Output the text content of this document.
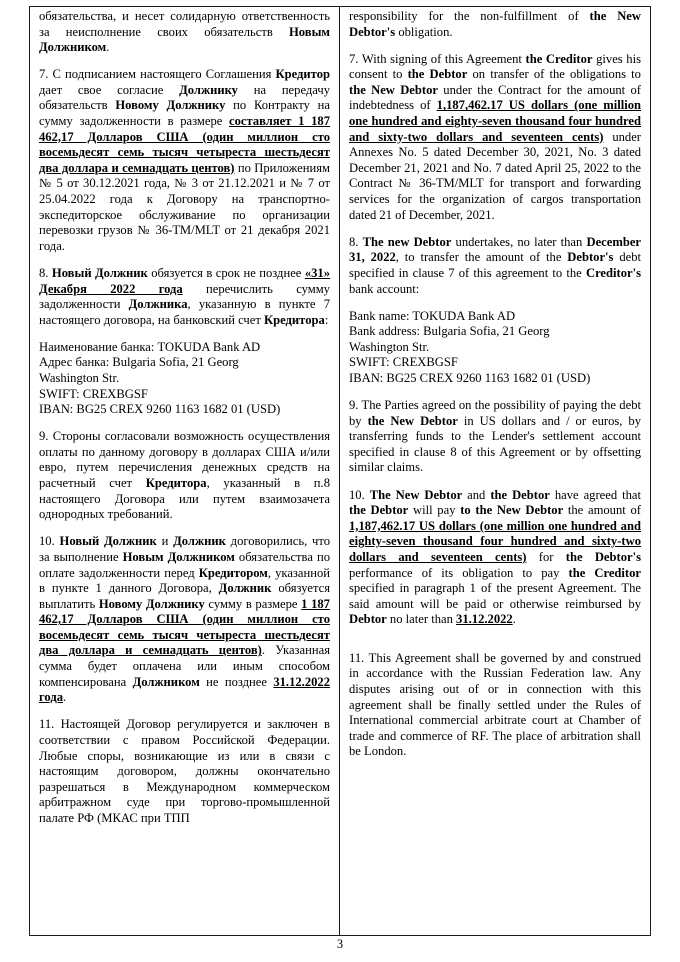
обязательства, и несет солидарную ответственность за неисполнение своих обязательств Новым Должником.

7. С подписанием настоящего Соглашения Кредитор дает свое согласие Должнику на передачу обязательств Новому Должнику по Контракту на сумму задолженности в размере составляет 1 187 462,17 Долларов США (один миллион сто восемьдесят семь тысяч четыреста шестьдесят два доллара и семнадцать центов) по Приложениям № 5 от 30.12.2021 года, № 3 от 21.12.2021 и № 7 от 25.04.2022 года к Договору на транспортно-экспедиторское обслуживание по организации перевозки грузов № 36-ТМ/MLT от 21 декабря 2021 года.

8. Новый Должник обязуется в срок не позднее «31» Декабря 2022 года перечислить сумму задолженности Должника, указанную в пункте 7 настоящего договора, на банковский счет Кредитора:

Наименование банка: TOKUDA Bank AD

Адрес банка: Bulgaria Sofia, 21 Georg

Washington Str.

SWIFT: CREXBGSF

IBAN: BG25 CREX 9260 1163 1682 01 (USD)

9. Стороны согласовали возможность осуществления оплаты по данному договору в долларах США и/или евро, путем перечисления денежных средств на расчетный счет Кредитора, указанный в п.8 настоящего Договора или путем взаимозачета однородных требований.

10. Новый Должник и Должник договорились, что за выполнение Новым Должником обязательства по оплате задолженности перед Кредитором, указанной в пункте 1 данного Договора, Должник обязуется выплатить Новому Должнику сумму в размере 1 187 462,17 Долларов США (один миллион сто восемьдесят семь тысяч четыреста шестьдесят два доллара и семнадцать центов). Указанная сумма будет оплачена или иным способом компенсирована Должником не позднее 31.12.2022 года.

11. Настоящей Договор регулируется и заключен в соответствии с правом Российской Федерации. Любые споры, возникающие из или в связи с настоящим договором, должны окончательно разрешаться в Международном коммерческом арбитражном суде при торгово-промышленной палате РФ (МКАС при ТПП

responsibility for the non-fulfillment of the New Debtor's obligation.

7. With signing of this Agreement the Creditor gives his consent to the Debtor on transfer of the obligations to the New Debtor under the Contract for the amount of indebtedness of 1,187,462.17 US dollars (one million one hundred and eighty-seven thousand four hundred and sixty-two dollars and seventeen cents) under Annexes No. 5 dated December 30, 2021, No. 3 dated December 21, 2021 and No. 7 dated April 25, 2022 to the Contract № 36-ТМ/MLT for transport and forwarding services for the organization of cargos transportation dated 21 of December, 2021.

8. The new Debtor undertakes, no later than December 31, 2022, to transfer the amount of the Debtor's debt specified in clause 7 of this agreement to the Creditor's bank account:

Bank name: TOKUDA Bank AD

Bank address: Bulgaria Sofia, 21 Georg

Washington Str.

SWIFT: CREXBGSF

IBAN: BG25 CREX 9260 1163 1682 01 (USD)

9. The Parties agreed on the possibility of paying the debt by the New Debtor in US dollars and / or euros, by transferring funds to the Lender's settlement account specified in clause 8 of this Agreement or by offsetting similar claims.

10. The New Debtor and the Debtor have agreed that the Debtor will pay to the New Debtor the amount of 1,187,462.17 US dollars (one million one hundred and eighty-seven thousand four hundred and sixty-two dollars and seventeen cents) for the Debtor's performance of its obligation to pay the Creditor specified in paragraph 1 of the present Agreement. The said amount will be paid or otherwise reimbursed by Debtor no later than 31.12.2022.

11. This Agreement shall be governed by and construed in accordance with the Russian Federation law. Any disputes arising out of or in connection with this agreement shall be finally settled under the Rules of International commercial arbitrate court at Chamber of trade and commerce of RF. The place of arbitration shall be London.

3
